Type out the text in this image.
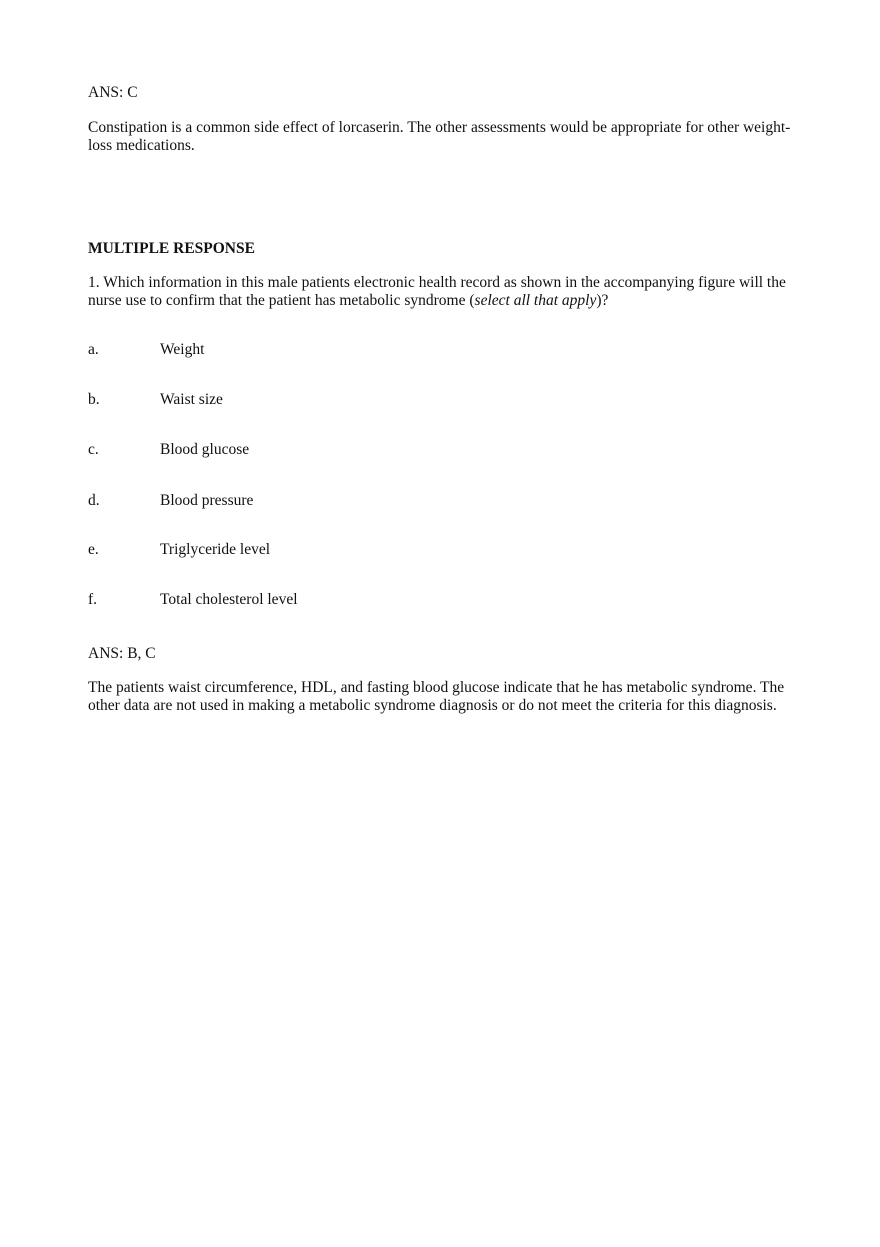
ANS: C
Constipation is a common side effect of lorcaserin. The other assessments would be appropriate for other weight-loss medications.
MULTIPLE RESPONSE
1. Which information in this male patients electronic health record as shown in the accompanying figure will the nurse use to confirm that the patient has metabolic syndrome (select all that apply)?
a.	Weight
b.	Waist size
c.	Blood glucose
d.	Blood pressure
e.	Triglyceride level
f.	Total cholesterol level
ANS: B, C
The patients waist circumference, HDL, and fasting blood glucose indicate that he has metabolic syndrome. The other data are not used in making a metabolic syndrome diagnosis or do not meet the criteria for this diagnosis.
